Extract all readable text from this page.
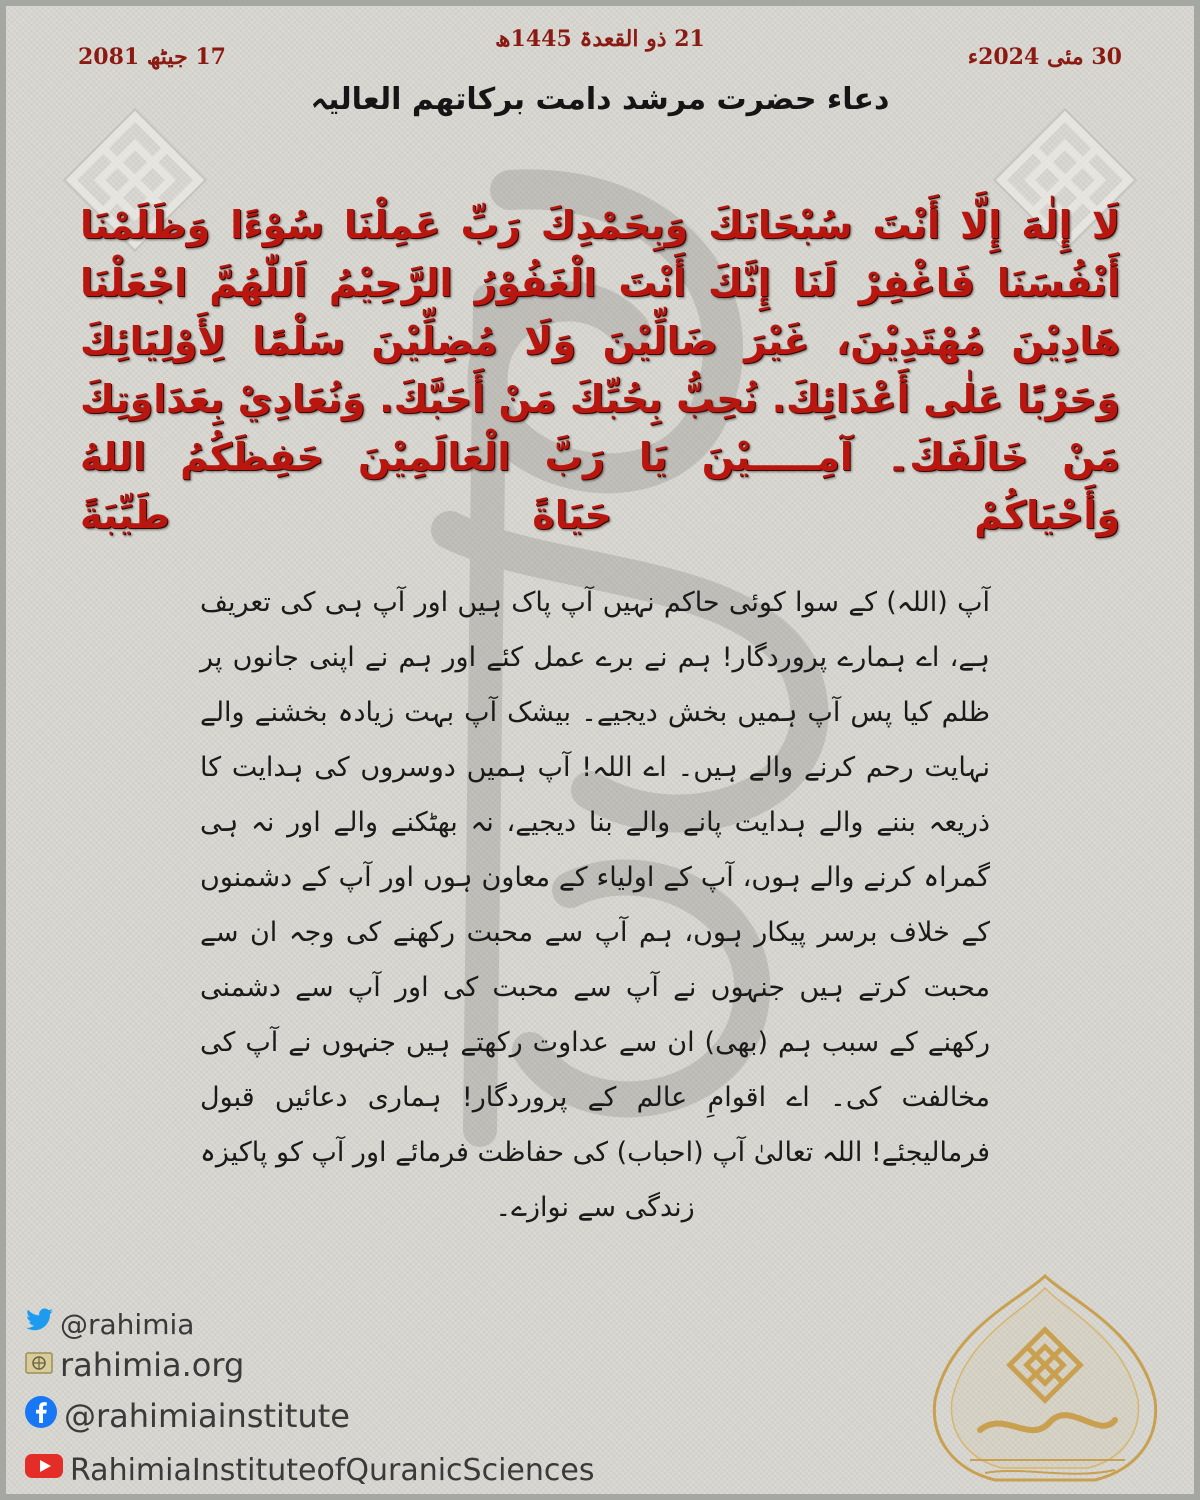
30 مئی 2024ء
21 ذو القعدۃ 1445ھ
17 جیٹھ 2081
دعاء حضرت مرشد دامت برکاتھم العالیہ
لَا إِلٰهَ إِلَّا أَنْتَ سُبْحَانَكَ وَبِحَمْدِكَ رَبِّ عَمِلْنَا سُوْءًا وَظَلَمْنَا أَنْفُسَنَا فَاغْفِرْ لَنَا إِنَّكَ أَنْتَ الْغَفُوْرُ الرَّحِيْمُ اَللّٰهُمَّ اجْعَلْنَا هَادِيْنَ مُهْتَدِيْنَ، غَيْرَ ضَالِّيْنَ وَلَا مُضِلِّيْنَ سَلْمًا لِأَوْلِيَائِكَ وَحَرْبًا عَلٰى أَعْدَائِكَ. نُحِبُّ بِحُبِّكَ مَنْ أَحَبَّكَ. وَنُعَادِيْ بِعَدَاوَتِكَ مَنْ خَالَفَكَ۔ آمِـــــيْنَ يَا رَبَّ الْعَالَمِيْنَ حَفِظَكُمُ اللهُ وَأَحْيَاكُمْ حَيَاةً طَيِّبَةً
آپ (اللہ) کے سوا کوئی حاکم نہیں آپ پاک ہیں اور آپ ہی کی تعریف ہے، اے ہمارے پروردگار! ہم نے برے عمل کئے اور ہم نے اپنی جانوں پر ظلم کیا پس آپ ہمیں بخش دیجیے۔ بیشک آپ بہت زیادہ بخشنے والے نہایت رحم کرنے والے ہیں۔ اے اللہ! آپ ہمیں دوسروں کی ہدایت کا ذریعہ بننے والے ہدایت پانے والے بنا دیجیے، نہ بھٹکنے والے اور نہ ہی گمراہ کرنے والے ہوں، آپ کے اولیاء کے معاون ہوں اور آپ کے دشمنوں کے خلاف برسر پیکار ہوں، ہم آپ سے محبت رکھنے کی وجہ ان سے محبت کرتے ہیں جنہوں نے آپ سے محبت کی اور آپ سے دشمنی رکھنے کے سبب ہم (بھی) ان سے عداوت رکھتے ہیں جنہوں نے آپ کی مخالفت کی۔ اے اقوامِ عالم کے پروردگار! ہماری دعائیں قبول فرمالیجئے! اللہ تعالیٰ آپ (احباب) کی حفاظت فرمائے اور آپ کو پاکیزہ زندگی سے نوازے۔
@rahimia
rahimia.org
@rahimiainstitute
RahimiaInstituteofQuranicSciences
